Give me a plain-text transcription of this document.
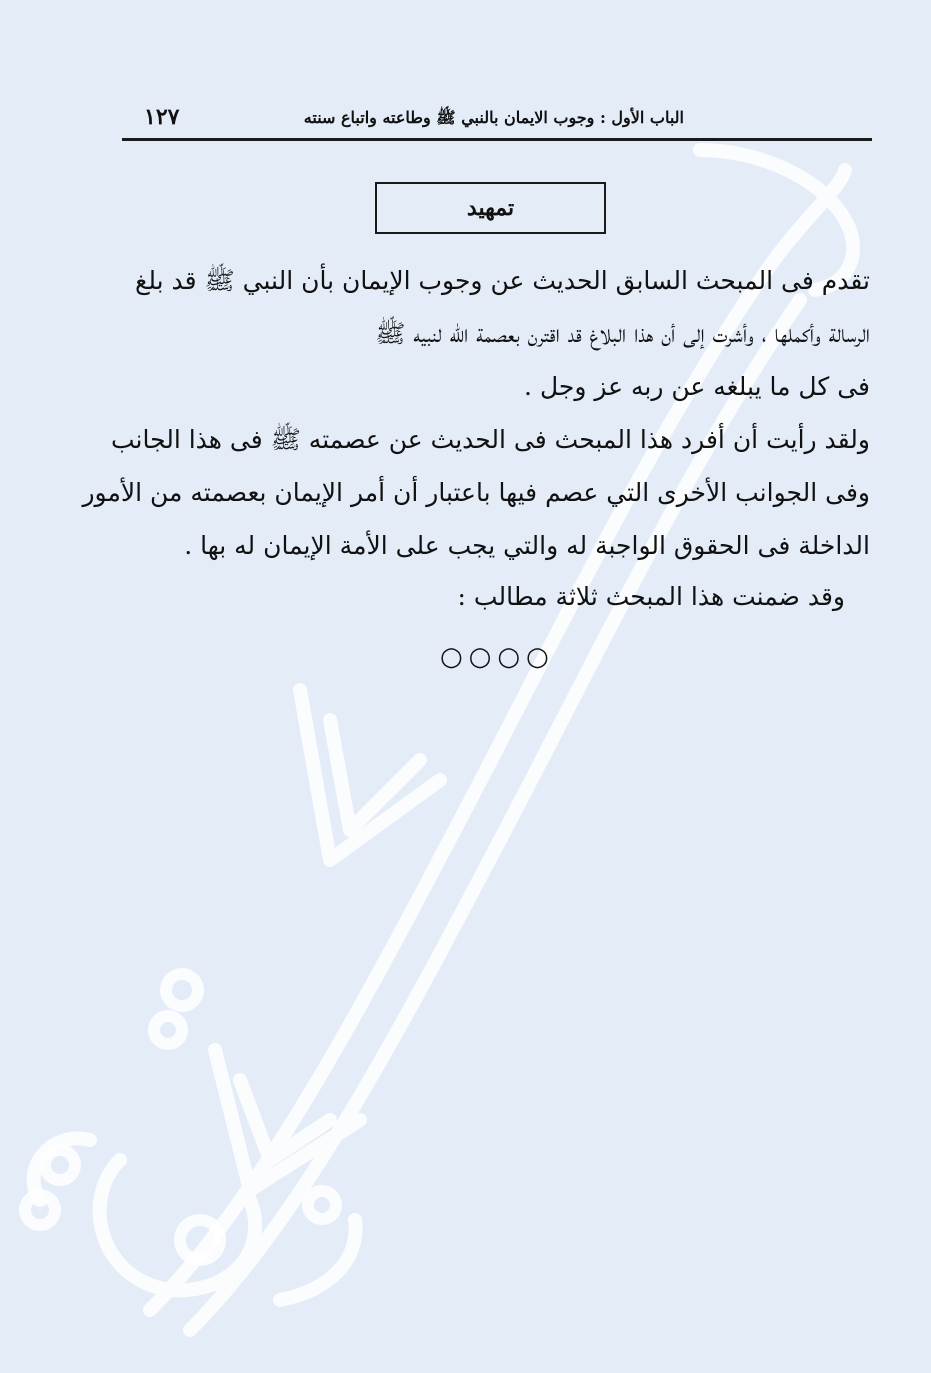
الباب الأول : وجوب الايمان بالنبي ﷺ وطاعته واتباع سنته
١٢٧
تمهيد
تقدم فى المبحث السابق الحديث عن وجوب الإيمان بأن النبي ﷺ قد بلغ
الرسالة وأكملها ، وأشرت إلى أن هذا البلاغ قد اقترن بعصمة اللّٰه لنبيه ﷺ
فى كل ما يبلغه عن ربه عز وجل .
ولقد رأيت أن أفرد هذا المبحث فى الحديث عن عصمته ﷺ فى هذا الجانب
وفى الجوانب الأخرى التي عصم فيها باعتبار أن أمر الإيمان بعصمته من الأمور
الداخلة فى الحقوق الواجبة له والتي يجب على الأمة الإيمان له بها .
وقد ضمنت هذا المبحث ثلاثة مطالب :
○○○○
